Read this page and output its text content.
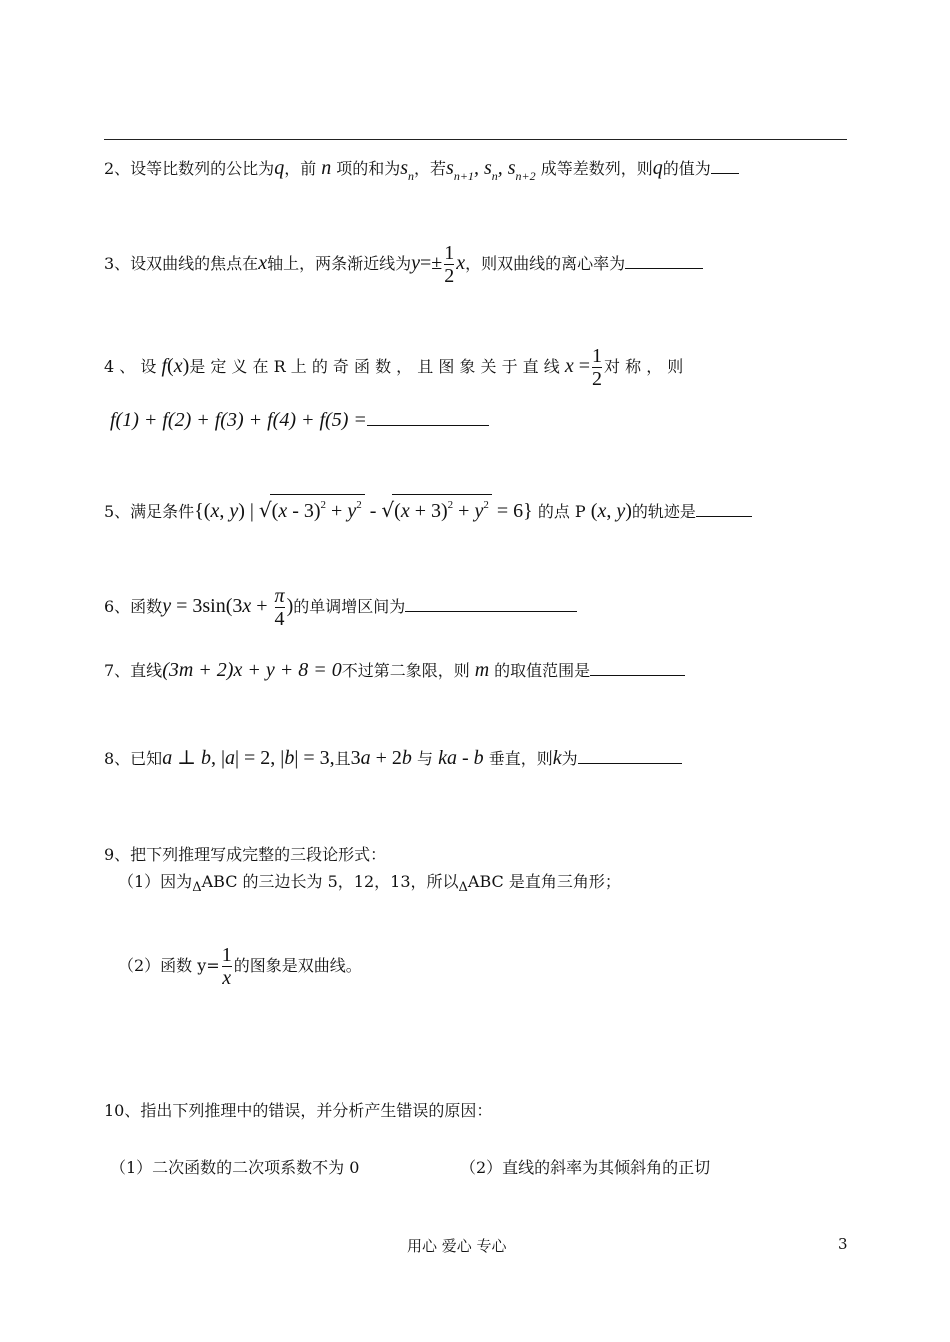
2、设等比数列的公比为q，前 n 项的和为$s_n$，若$s_{n+1}$, $s_n$, $s_{n+2}$ 成等差数列，则q的值为
3、设双曲线的焦点在x轴上，两条渐近线为$y=\pm \frac{1}{2}$ x，则双曲线的离心率为
4 、 设 f(x)是 定 义 在 R 上 的 奇 函 数 ， 且 图 象 关 于 直 线 $x = \frac{1}{2}$ 对 称 ， 则
f(1) + f(2) + f(3) + f(4) + f(5) =
5、满足条件{(x, y) | $√(x - 3)^2 + y^2 - √(x + 3)^2 + y^2 = 6$} 的点 P (x, y)的轨迹是
6、函数$y = 3\sin(3x + \frac{\pi}{4}$ )的单调增区间为
7、直线(3m + 2)x + y + 8 = 0不过第二象限，则 m 的取值范围是
8、已知a ⊥ b, |a| = 2, |b| = 3,且3a + 2b 与 ka - b 垂直，则k为
9、把下列推理写成完整的三段论形式：
（1）因为$_\Delta$ABC 的三边长为 5，12，13，所以$_\Delta$ABC 是直角三角形；
（2）函数 $y= \frac{1}{x}$ 的图象是双曲线。
10、指出下列推理中的错误，并分析产生错误的原因：
（1）二次函数的二次项系数不为 0	（2）直线的斜率为其倾斜角的正切
用心 爱心 专心	3
